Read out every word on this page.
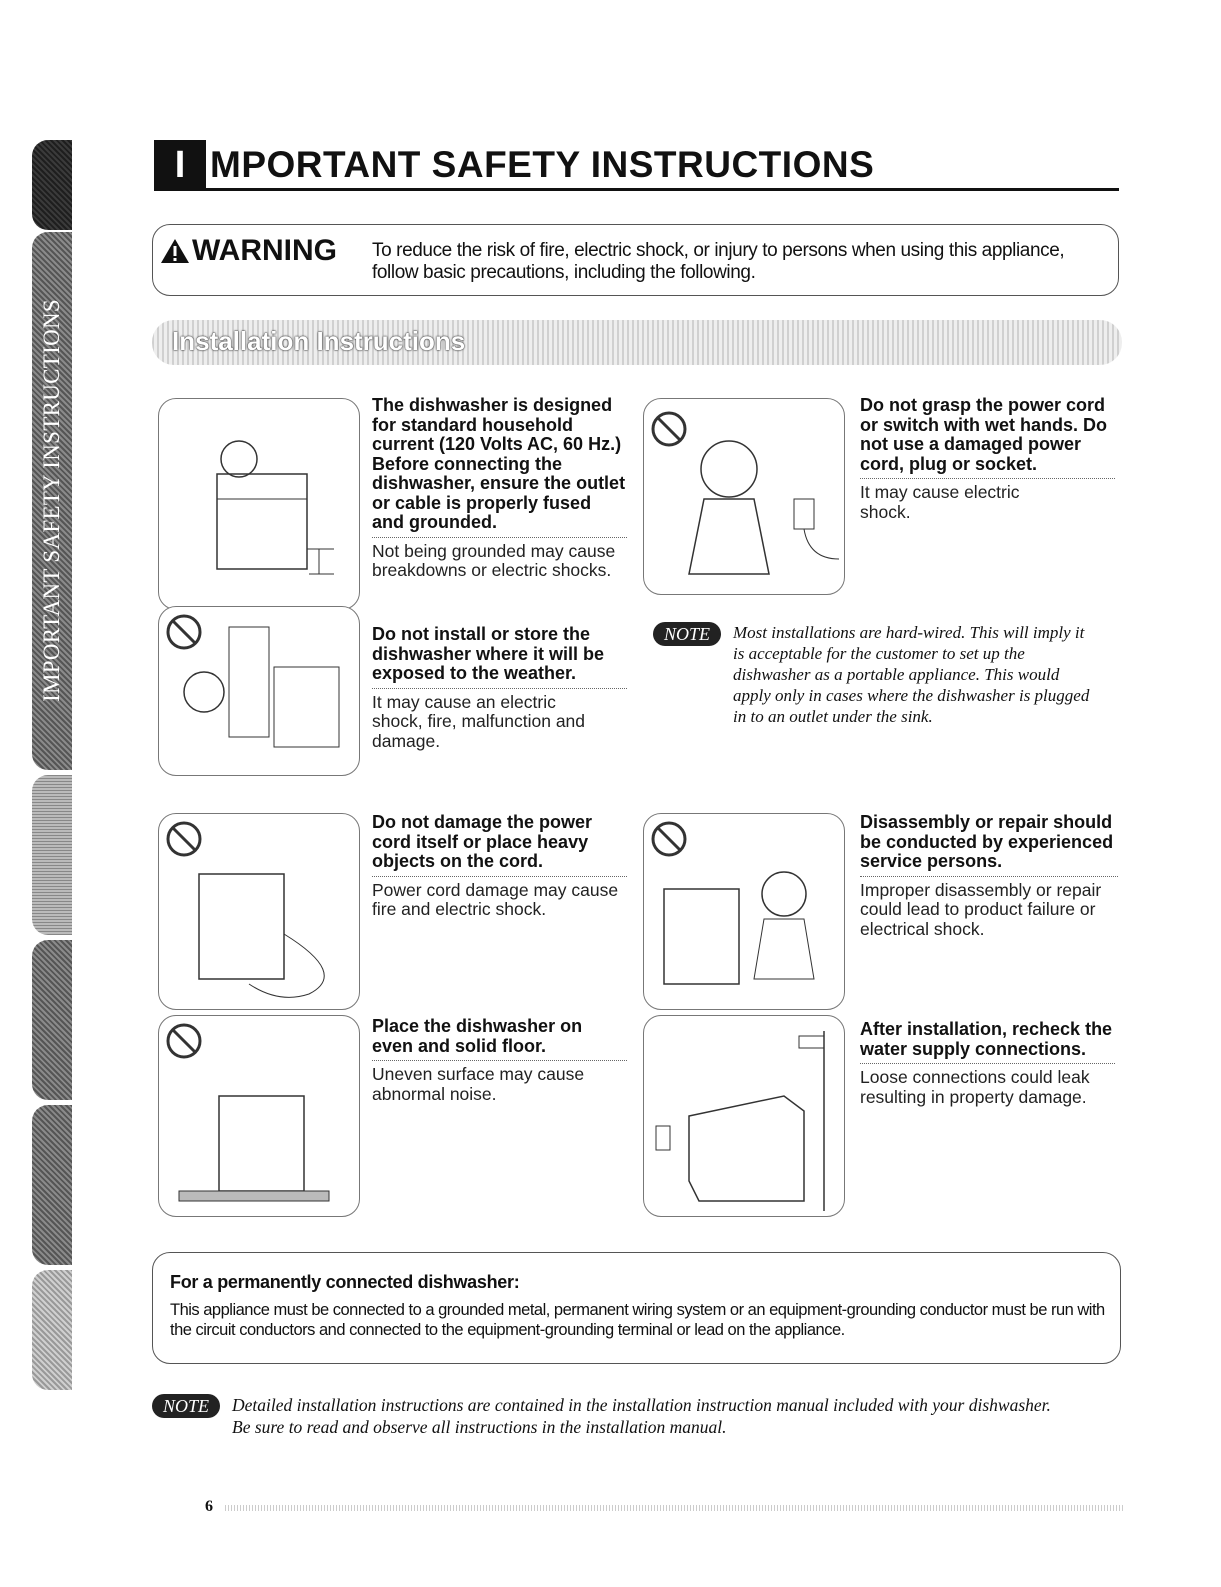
IMPORTANT SAFETY INSTRUCTIONS
I MPORTANT SAFETY INSTRUCTIONS
WARNING To reduce the risk of fire, electric shock, or injury to persons when using this appliance, follow basic precautions, including the following.
Installation Instructions
The dishwasher is designed for standard household current (120 Volts AC, 60 Hz.) Before connecting the dishwasher, ensure the outlet or cable is properly fused and grounded.
Not being grounded may cause breakdowns or electric shocks.
Do not grasp the power cord or switch with wet hands. Do not use a damaged power cord, plug or socket.
It may cause electric shock.
Do not install or store the dishwasher where it will be exposed to the weather.
It may cause an electric shock, fire, malfunction and damage.
Do not damage the power cord itself or place heavy objects on the cord.
Power cord damage may cause fire and electric shock.
Disassembly or repair should be conducted by experienced service persons.
Improper disassembly or repair could lead to product failure or electrical shock.
Place the dishwasher on even and solid floor.
Uneven surface may cause abnormal noise.
After installation, recheck the water supply connections.
Loose connections could leak resulting in property damage.
NOTE	Most installations are hard-wired. This will imply it is acceptable for the customer to set up the dishwasher as a portable appliance. This would apply only in cases where the dishwasher is plugged in to an outlet under the sink.
For a permanently connected dishwasher:
This appliance must be connected to a grounded metal, permanent wiring system or an equipment-grounding conductor must be run with the circuit conductors and connected to the equipment-grounding terminal or lead on the appliance.
NOTE	Detailed installation instructions are contained in the installation instruction manual included with your dishwasher. Be sure to read and observe all instructions in the installation manual.
6
